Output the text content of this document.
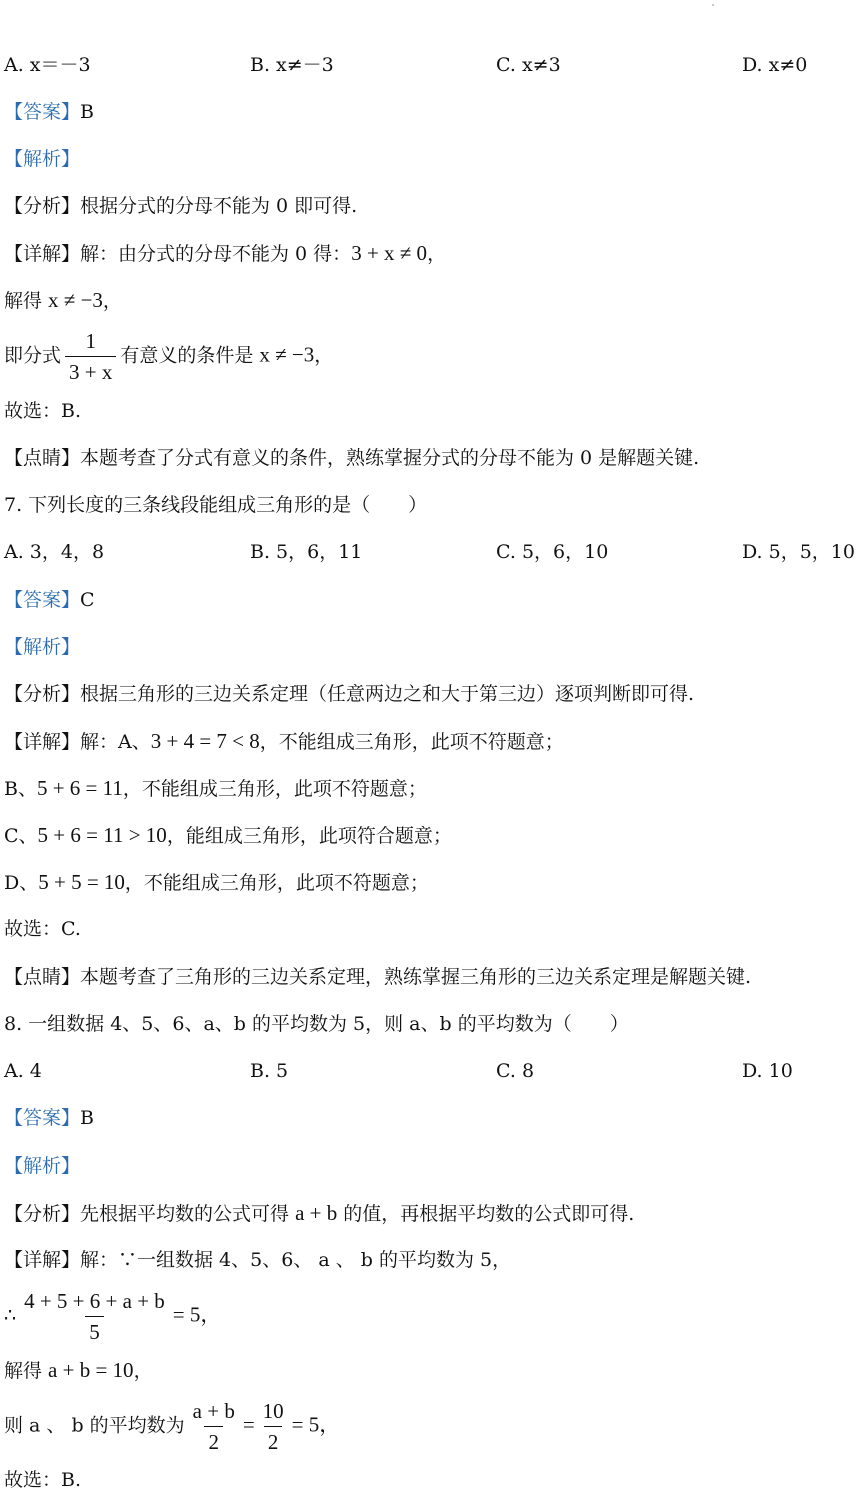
A. x＝－3	B. x≠－3	C. x≠3	D. x≠0
【答案】B
【解析】
【分析】根据分式的分母不能为 0 即可得.
【详解】解：由分式的分母不能为 0 得：3 + x ≠ 0，
解得 x ≠ −3，
即分式 $\frac{1}{3 + x}$ 有意义的条件是 x ≠ −3，
故选：B.
【点睛】本题考查了分式有意义的条件，熟练掌握分式的分母不能为 0 是解题关键.
7. 下列长度的三条线段能组成三角形的是（　　）
A. 3，4，8	B. 5，6，11	C. 5，6，10	D. 5，5，10
【答案】C
【解析】
【分析】根据三角形的三边关系定理（任意两边之和大于第三边）逐项判断即可得.
【详解】解：A、3 + 4 = 7 < 8，不能组成三角形，此项不符题意；
B、5 + 6 = 11，不能组成三角形，此项不符题意；
C、5 + 6 = 11 > 10，能组成三角形，此项符合题意；
D、5 + 5 = 10，不能组成三角形，此项不符题意；
故选：C.
【点睛】本题考查了三角形的三边关系定理，熟练掌握三角形的三边关系定理是解题关键.
8. 一组数据 4、5、6、a、b 的平均数为 5，则 a、b 的平均数为（　　）
A. 4	B. 5	C. 8	D. 10
【答案】B
【解析】
【分析】先根据平均数的公式可得 a + b 的值，再根据平均数的公式即可得.
【详解】解：∵一组数据 4、5、6、 a 、 b 的平均数为 5，
∴ $\frac{4 + 5 + 6 + a + b}{5} = 5$，
解得 a + b = 10，
则 a 、 b 的平均数为 $\frac{a + b}{2} = \frac{10}{2} = 5$，
故选：B.
